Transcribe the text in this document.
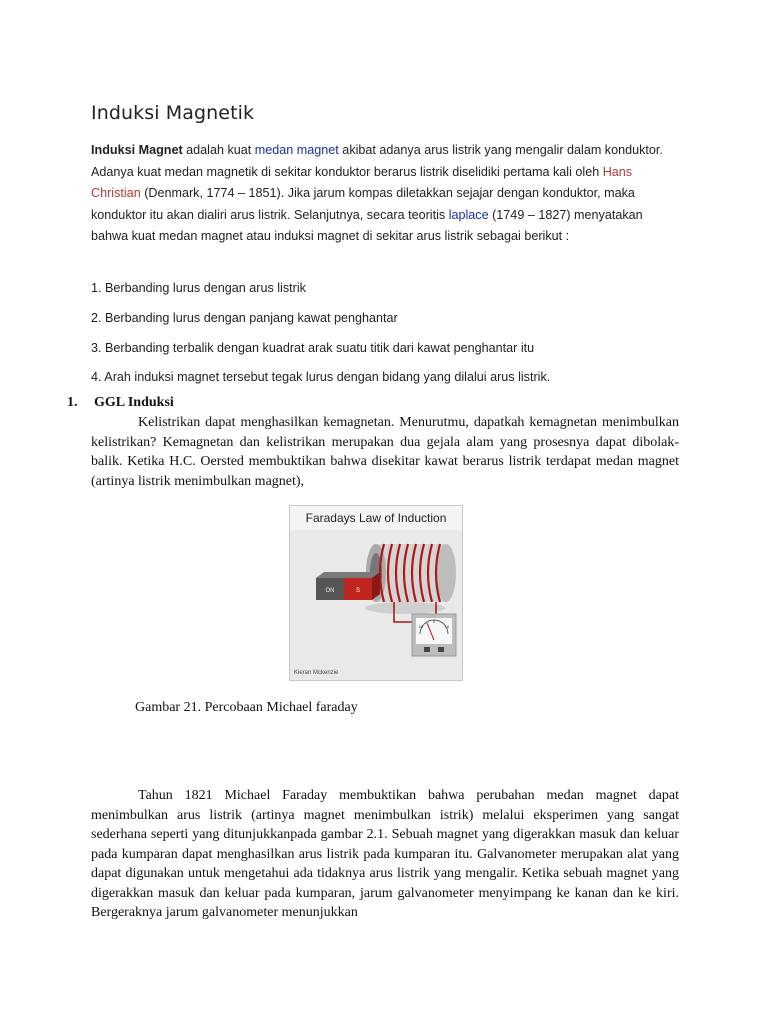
Induksi Magnetik
Induksi Magnet adalah kuat medan magnet akibat adanya arus listrik yang mengalir dalam konduktor. Adanya kuat medan magnetik di sekitar konduktor berarus listrik diselidiki pertama kali oleh Hans Christian (Denmark, 1774 – 1851). Jika jarum kompas diletakkan sejajar dengan konduktor, maka konduktor itu akan dialiri arus listrik. Selanjutnya, secara teoritis laplace (1749 – 1827) menyatakan bahwa kuat medan magnet atau induksi magnet di sekitar arus listrik sebagai berikut :
1. Berbanding lurus dengan arus listrik
2. Berbanding lurus dengan panjang kawat penghantar
3. Berbanding terbalik dengan kuadrat arak suatu titik dari kawat penghantar itu
4. Arah induksi magnet tersebut tegak lurus dengan bidang yang dilalui arus listrik.
1. GGL Induksi
Kelistrikan dapat menghasilkan kemagnetan. Menurutmu, dapatkah kemagnetan menimbulkan kelistrikan? Kemagnetan dan kelistrikan merupakan dua gejala alam yang prosesnya dapat dibolak-balik. Ketika H.C. Oersted membuktikan bahwa disekitar kawat berarus listrik terdapat medan magnet (artinya listrik menimbulkan magnet),
Faradays Law of Induction
ON	S
10
0
10
Kieran Mckenzie
Gambar 21. Percobaan Michael faraday
Tahun 1821 Michael Faraday membuktikan bahwa perubahan medan magnet dapat menimbulkan arus listrik (artinya magnet menimbulkan istrik) melalui eksperimen yang sangat sederhana seperti yang ditunjukkanpada gambar 2.1. Sebuah magnet yang digerakkan masuk dan keluar pada kumparan dapat menghasilkan arus listrik pada kumparan itu. Galvanometer merupakan alat yang dapat digunakan untuk mengetahui ada tidaknya arus listrik yang mengalir. Ketika sebuah magnet yang digerakkan masuk dan keluar pada kumparan, jarum galvanometer menyimpang ke kanan dan ke kiri. Bergeraknya jarum galvanometer menunjukkan
